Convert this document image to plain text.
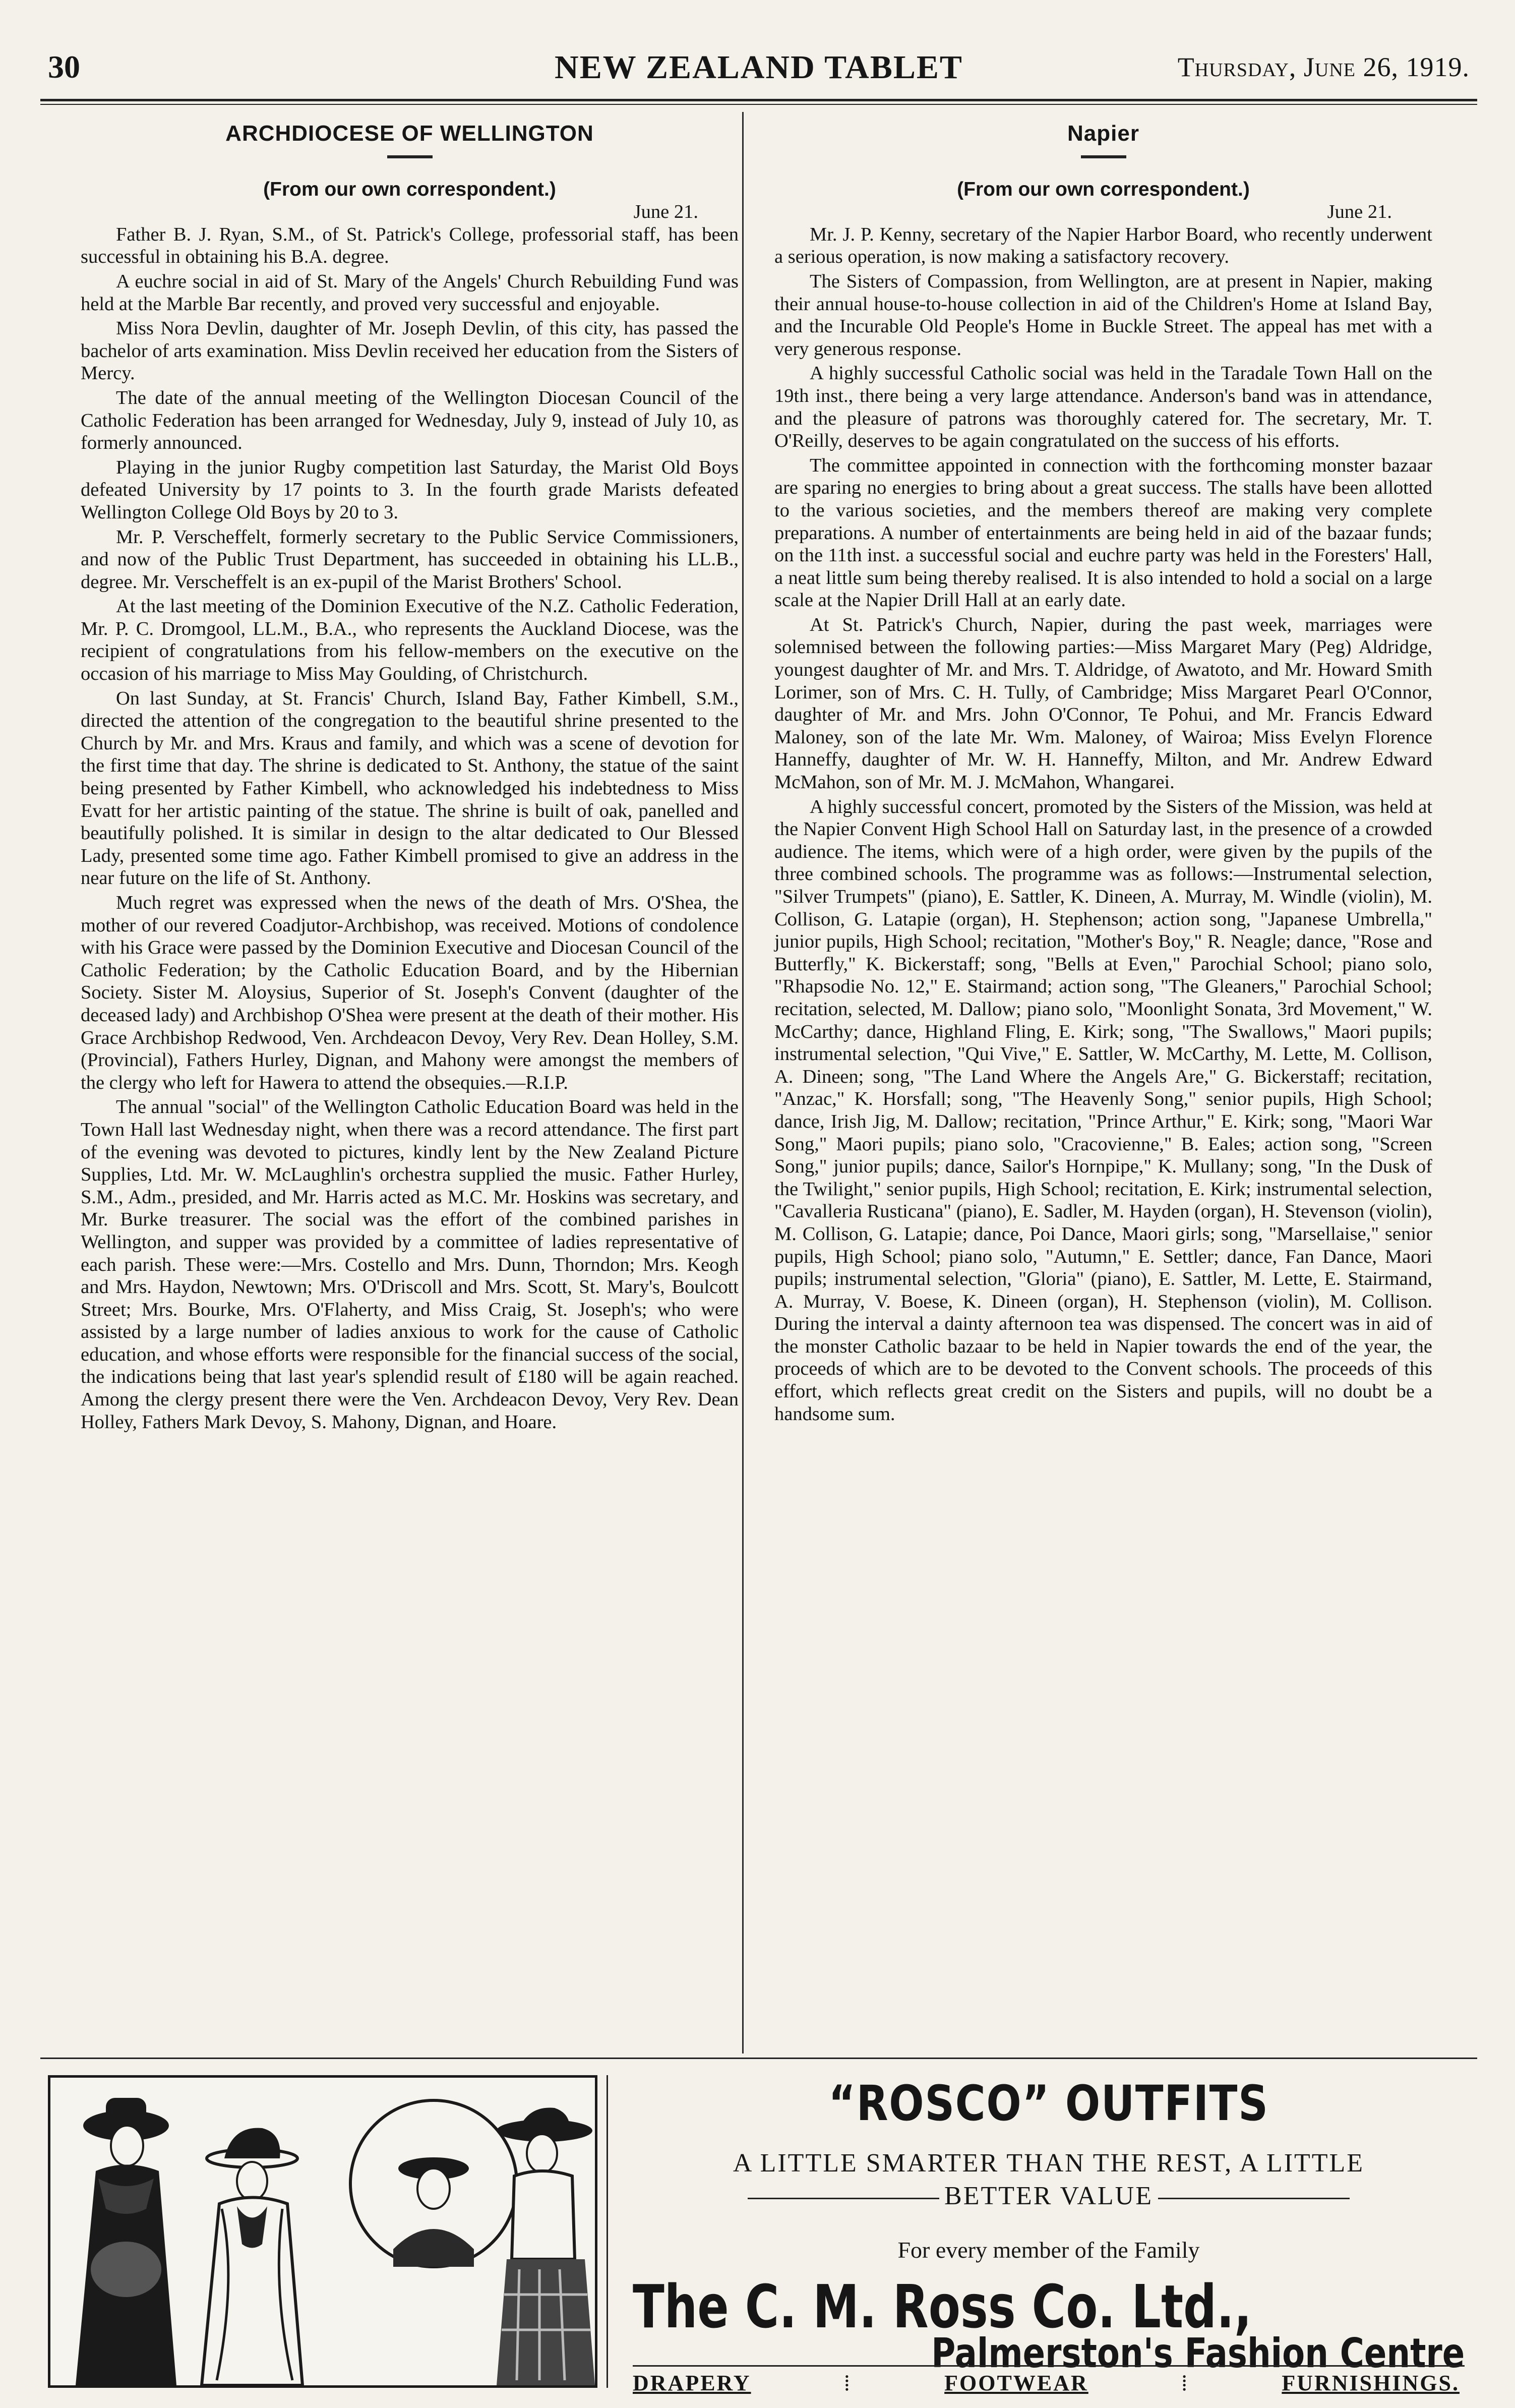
30	NEW ZEALAND TABLET	Thursday, June 26, 1919.
ARCHDIOCESE OF WELLINGTON
(From our own correspondent.)
June 21.

Father B. J. Ryan, S.M., of St. Patrick's College, professorial staff, has been successful in obtaining his B.A. degree.

A euchre social in aid of St. Mary of the Angels' Church Rebuilding Fund was held at the Marble Bar recently, and proved very successful and enjoyable.

Miss Nora Devlin, daughter of Mr. Joseph Devlin, of this city, has passed the bachelor of arts examination. Miss Devlin received her education from the Sisters of Mercy.

The date of the annual meeting of the Wellington Diocesan Council of the Catholic Federation has been arranged for Wednesday, July 9, instead of July 10, as formerly announced.

Playing in the junior Rugby competition last Saturday, the Marist Old Boys defeated University by 17 points to 3. In the fourth grade Marists defeated Wellington College Old Boys by 20 to 3.

Mr. P. Verscheffelt, formerly secretary to the Public Service Commissioners, and now of the Public Trust Department, has succeeded in obtaining his LL.B., degree. Mr. Verscheffelt is an ex-pupil of the Marist Brothers' School.

At the last meeting of the Dominion Executive of the N.Z. Catholic Federation, Mr. P. C. Dromgool, LL.M., B.A., who represents the Auckland Diocese, was the recipient of congratulations from his fellow-members on the executive on the occasion of his marriage to Miss May Goulding, of Christchurch.

On last Sunday, at St. Francis' Church, Island Bay, Father Kimbell, S.M., directed the attention of the congregation to the beautiful shrine presented to the Church by Mr. and Mrs. Kraus and family, and which was a scene of devotion for the first time that day. The shrine is dedicated to St. Anthony, the statue of the saint being presented by Father Kimbell, who acknowledged his indebtedness to Miss Evatt for her artistic painting of the statue. The shrine is built of oak, panelled and beautifully polished. It is similar in design to the altar dedicated to Our Blessed Lady, presented some time ago. Father Kimbell promised to give an address in the near future on the life of St. Anthony.

Much regret was expressed when the news of the death of Mrs. O'Shea, the mother of our revered Coadjutor-Archbishop, was received. Motions of condolence with his Grace were passed by the Dominion Executive and Diocesan Council of the Catholic Federation; by the Catholic Education Board, and by the Hibernian Society. Sister M. Aloysius, Superior of St. Joseph's Convent (daughter of the deceased lady) and Archbishop O'Shea were present at the death of their mother. His Grace Archbishop Redwood, Ven. Archdeacon Devoy, Very Rev. Dean Holley, S.M. (Provincial), Fathers Hurley, Dignan, and Mahony were amongst the members of the clergy who left for Hawera to attend the obsequies.—R.I.P.

The annual "social" of the Wellington Catholic Education Board was held in the Town Hall last Wednesday night, when there was a record attendance. The first part of the evening was devoted to pictures, kindly lent by the New Zealand Picture Supplies, Ltd. Mr. W. McLaughlin's orchestra supplied the music. Father Hurley, S.M., Adm., presided, and Mr. Harris acted as M.C. Mr. Hoskins was secretary, and Mr. Burke treasurer. The social was the effort of the combined parishes in Wellington, and supper was provided by a committee of ladies representative of each parish. These were:—Mrs. Costello and Mrs. Dunn, Thorndon; Mrs. Keogh and Mrs. Haydon, Newtown; Mrs. O'Driscoll and Mrs. Scott, St. Mary's, Boulcott Street; Mrs. Bourke, Mrs. O'Flaherty, and Miss Craig, St. Joseph's; who were assisted by a large number of ladies anxious to work for the cause of Catholic education, and whose efforts were responsible for the financial success of the social, the indications being that last year's splendid result of £180 will be again reached. Among the clergy present there were the Ven. Archdeacon Devoy, Very Rev. Dean Holley, Fathers Mark Devoy, S. Mahony, Dignan, and Hoare.

Napier
(From our own correspondent.)
June 21.

Mr. J. P. Kenny, secretary of the Napier Harbor Board, who recently underwent a serious operation, is now making a satisfactory recovery.

The Sisters of Compassion, from Wellington, are at present in Napier, making their annual house-to-house collection in aid of the Children's Home at Island Bay, and the Incurable Old People's Home in Buckle Street. The appeal has met with a very generous response.

A highly successful Catholic social was held in the Taradale Town Hall on the 19th inst., there being a very large attendance. Anderson's band was in attendance, and the pleasure of patrons was thoroughly catered for. The secretary, Mr. T. O'Reilly, deserves to be again congratulated on the success of his efforts.

The committee appointed in connection with the forthcoming monster bazaar are sparing no energies to bring about a great success. The stalls have been allotted to the various societies, and the members thereof are making very complete preparations. A number of entertainments are being held in aid of the bazaar funds; on the 11th inst. a successful social and euchre party was held in the Foresters' Hall, a neat little sum being thereby realised. It is also intended to hold a social on a large scale at the Napier Drill Hall at an early date.

At St. Patrick's Church, Napier, during the past week, marriages were solemnised between the following parties:—Miss Margaret Mary (Peg) Aldridge, youngest daughter of Mr. and Mrs. T. Aldridge, of Awatoto, and Mr. Howard Smith Lorimer, son of Mrs. C. H. Tully, of Cambridge; Miss Margaret Pearl O'Connor, daughter of Mr. and Mrs. John O'Connor, Te Pohui, and Mr. Francis Edward Maloney, son of the late Mr. Wm. Maloney, of Wairoa; Miss Evelyn Florence Hanneffy, daughter of Mr. W. H. Hanneffy, Milton, and Mr. Andrew Edward McMahon, son of Mr. M. J. McMahon, Whangarei.

A highly successful concert, promoted by the Sisters of the Mission, was held at the Napier Convent High School Hall on Saturday last, in the presence of a crowded audience. The items, which were of a high order, were given by the pupils of the three combined schools. The programme was as follows:—Instrumental selection, "Silver Trumpets" (piano), E. Sattler, K. Dineen, A. Murray, M. Windle (violin), M. Collison, G. Latapie (organ), H. Stephenson; action song, "Japanese Umbrella," junior pupils, High School; recitation, "Mother's Boy," R. Neagle; dance, "Rose and Butterfly," K. Bickerstaff; song, "Bells at Even," Parochial School; piano solo, "Rhapsodie No. 12," E. Stairmand; action song, "The Gleaners," Parochial School; recitation, selected, M. Dallow; piano solo, "Moonlight Sonata, 3rd Movement," W. McCarthy; dance, Highland Fling, E. Kirk; song, "The Swallows," Maori pupils; instrumental selection, "Qui Vive," E. Sattler, W. McCarthy, M. Lette, M. Collison, A. Dineen; song, "The Land Where the Angels Are," G. Bickerstaff; recitation, "Anzac," K. Horsfall; song, "The Heavenly Song," senior pupils, High School; dance, Irish Jig, M. Dallow; recitation, "Prince Arthur," E. Kirk; song, "Maori War Song," Maori pupils; piano solo, "Cracovienne," B. Eales; action song, "Screen Song," junior pupils; dance, Sailor's Hornpipe," K. Mullany; song, "In the Dusk of the Twilight," senior pupils, High School; recitation, E. Kirk; instrumental selection, "Cavalleria Rusticana" (piano), E. Sadler, M. Hayden (organ), H. Stevenson (violin), M. Collison, G. Latapie; dance, Poi Dance, Maori girls; song, "Marsellaise," senior pupils, High School; piano solo, "Autumn," E. Settler; dance, Fan Dance, Maori pupils; instrumental selection, "Gloria" (piano), E. Sattler, M. Lette, E. Stairmand, A. Murray, V. Boese, K. Dineen (organ), H. Stephenson (violin), M. Collison. During the interval a dainty afternoon tea was dispensed. The concert was in aid of the monster Catholic bazaar to be held in Napier towards the end of the year, the proceeds of which are to be devoted to the Convent schools. The proceeds of this effort, which reflects great credit on the Sisters and pupils, will no doubt be a handsome sum.

“ROSCO” OUTFITS
A LITTLE SMARTER THAN THE REST, A LITTLE
BETTER VALUE
For every member of the Family
The C. M. Ross Co. Ltd.,
Palmerston's Fashion Centre
DRAPERY	⁞	FOOTWEAR	⁞	FURNISHINGS.
